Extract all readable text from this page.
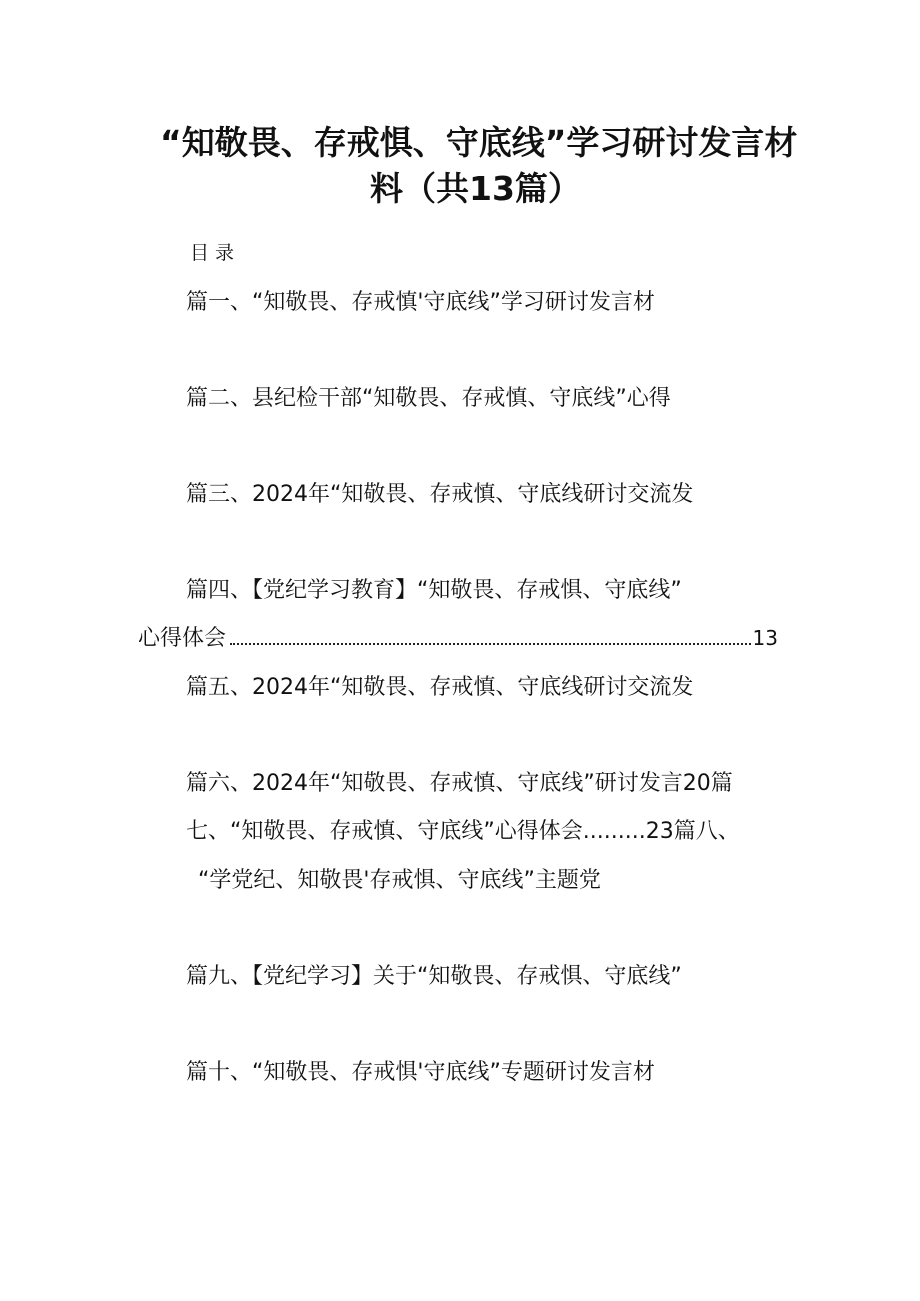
“知敬畏、存戒惧、守底线”学习研讨发言材
料（共13篇）
目录
篇一、“知敬畏、存戒慎'守底线”学习研讨发言材
篇二、县纪检干部“知敬畏、存戒慎、守底线”心得
篇三、2024年“知敬畏、存戒慎、守底线研讨交流发
篇四、【党纪学习教育】“知敬畏、存戒惧、守底线”
心得体会	13
篇五、2024年“知敬畏、存戒慎、守底线研讨交流发
篇六、2024年“知敬畏、存戒慎、守底线”研讨发言20篇
七、“知敬畏、存戒慎、守底线”心得体会.........23篇八、
“学党纪、知敬畏'存戒惧、守底线”主题党
篇九、【党纪学习】关于“知敬畏、存戒惧、守底线”
篇十、“知敬畏、存戒惧'守底线”专题研讨发言材
